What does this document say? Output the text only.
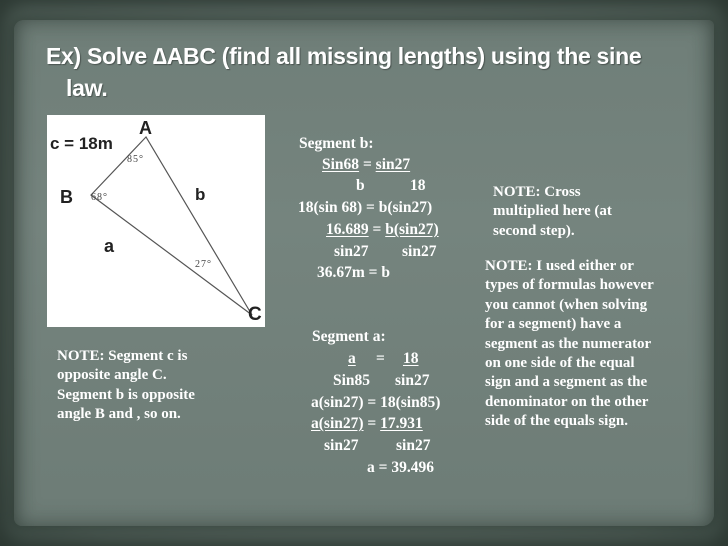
Ex) Solve ∆ABC (find all missing lengths) using the sine
law.
c = 18m
A
B
C
b
a
85°
68°
27°
Segment b:
Sin68 = sin27
b	18
18(sin 68) = b(sin27)
16.689 = b(sin27)
sin27 sin27
36.67m = b
Segment a:
a = 18
Sin85 sin27
a(sin27) = 18(sin85)
a(sin27) = 17.931
sin27 sin27
a = 39.496
NOTE: Cross
multiplied here (at
second step).
NOTE: I used either or
types of formulas however
you cannot (when solving
for a segment) have a
segment as the numerator
on one side of the equal
sign and a segment as the
denominator on the other
side of the equals sign.
NOTE: Segment c is
opposite angle C.
Segment b is opposite
angle B and , so on.
